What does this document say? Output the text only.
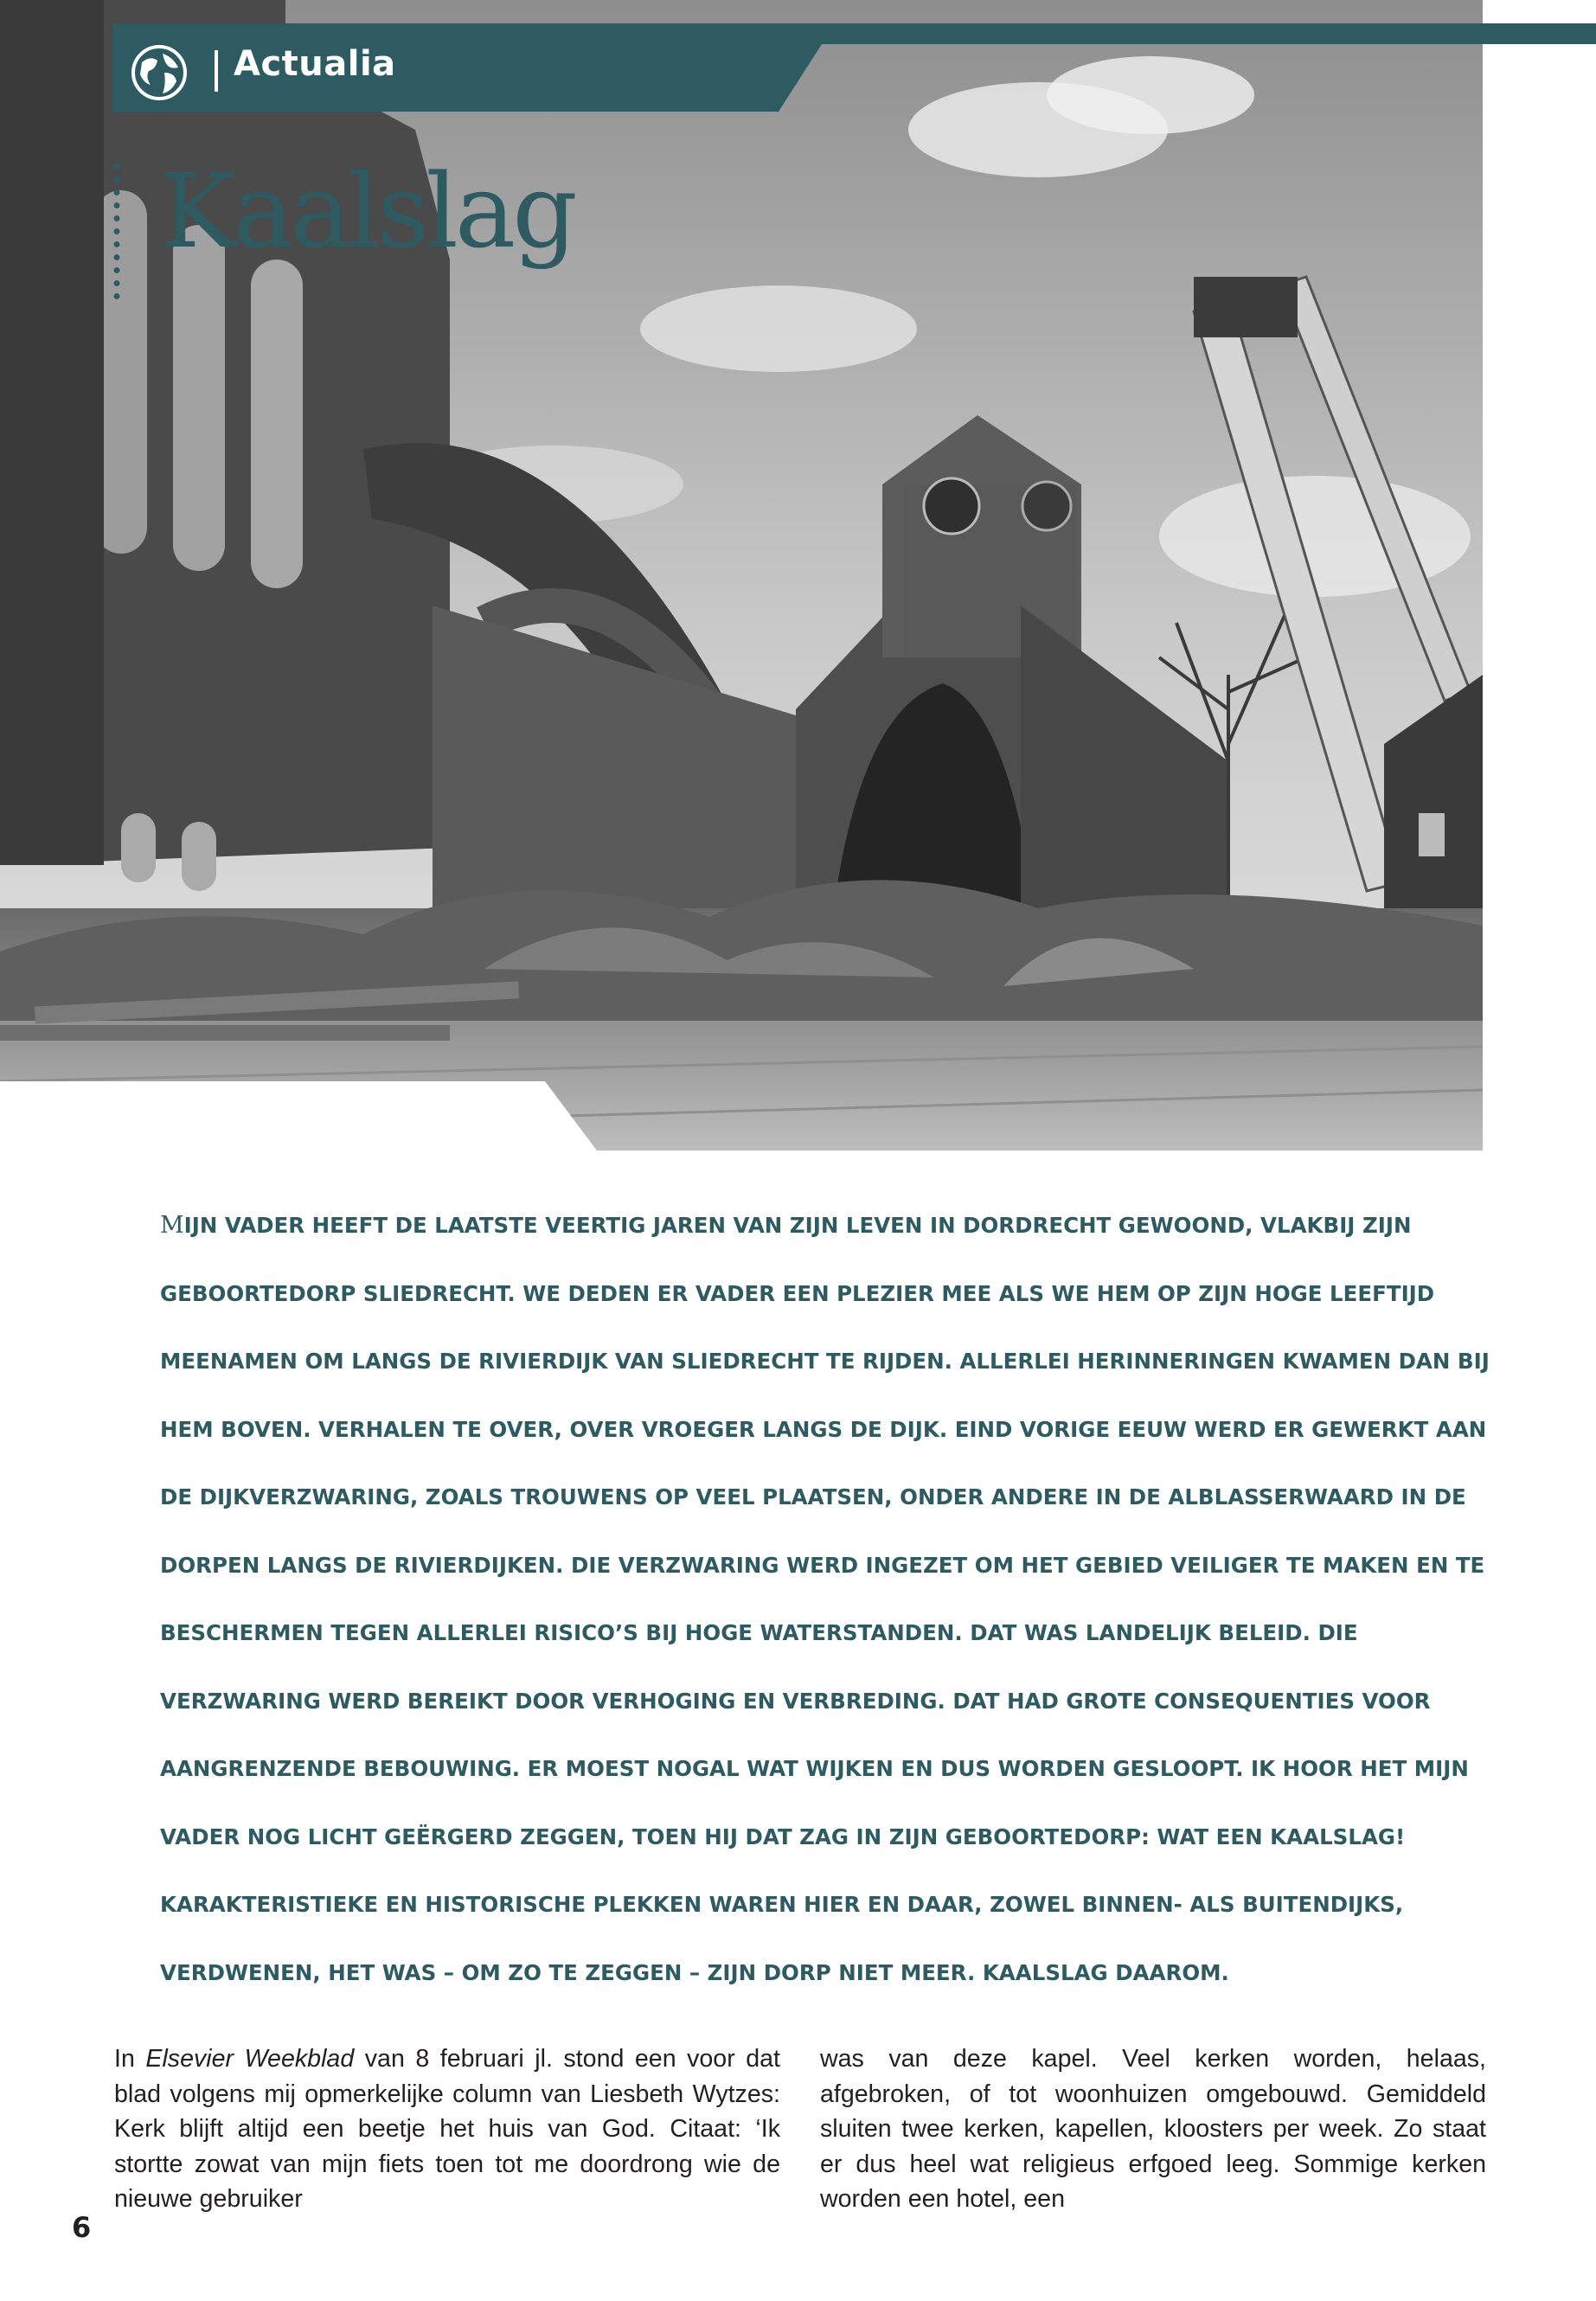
Actualia
Kaalslag

MIJN VADER HEEFT DE LAATSTE VEERTIG JAREN VAN ZIJN LEVEN IN DORDRECHT GEWOOND, VLAKBIJ ZIJN GEBOORTEDORP SLIEDRECHT. WE DEDEN ER VADER EEN PLEZIER MEE ALS WE HEM OP ZIJN HOGE LEEFTIJD MEENAMEN OM LANGS DE RIVIERDIJK VAN SLIEDRECHT TE RIJDEN. ALLERLEI HERINNERINGEN KWAMEN DAN BIJ HEM BOVEN. VERHALEN TE OVER, OVER VROEGER LANGS DE DIJK. EIND VORIGE EEUW WERD ER GEWERKT AAN DE DIJKVERZWARING, ZOALS TROUWENS OP VEEL PLAATSEN, ONDER ANDERE IN DE ALBLASSERWAARD IN DE DORPEN LANGS DE RIVIERDIJKEN. DIE VERZWARING WERD INGEZET OM HET GEBIED VEILIGER TE MAKEN EN TE BESCHERMEN TEGEN ALLERLEI RISICO’S BIJ HOGE WATERSTANDEN. DAT WAS LANDELIJK BELEID. DIE VERZWARING WERD BEREIKT DOOR VERHOGING EN VERBREDING. DAT HAD GROTE CONSEQUENTIES VOOR AANGRENZENDE BEBOUWING. ER MOEST NOGAL WAT WIJKEN EN DUS WORDEN GESLOOPT. IK HOOR HET MIJN VADER NOG LICHT GEËRGERD ZEGGEN, TOEN HIJ DAT ZAG IN ZIJN GEBOORTEDORP: WAT EEN KAALSLAG! KARAKTERISTIEKE EN HISTORISCHE PLEKKEN WAREN HIER EN DAAR, ZOWEL BINNEN- ALS BUITENDIJKS, VERDWENEN, HET WAS – OM ZO TE ZEGGEN – ZIJN DORP NIET MEER. KAALSLAG DAAROM.

In Elsevier Weekblad van 8 februari jl. stond een voor dat blad volgens mij opmerkelijke column van Liesbeth Wytzes: Kerk blijft altijd een beetje het huis van God. Citaat: ‘Ik stortte zowat van mijn fiets toen tot me doordrong wie de nieuwe gebruiker

was van deze kapel. Veel kerken worden, helaas, afgebroken, of tot woonhuizen omgebouwd. Gemiddeld sluiten twee kerken, kapellen, kloosters per week. Zo staat er dus heel wat religieus erfgoed leeg. Sommige kerken worden een hotel, een

6
